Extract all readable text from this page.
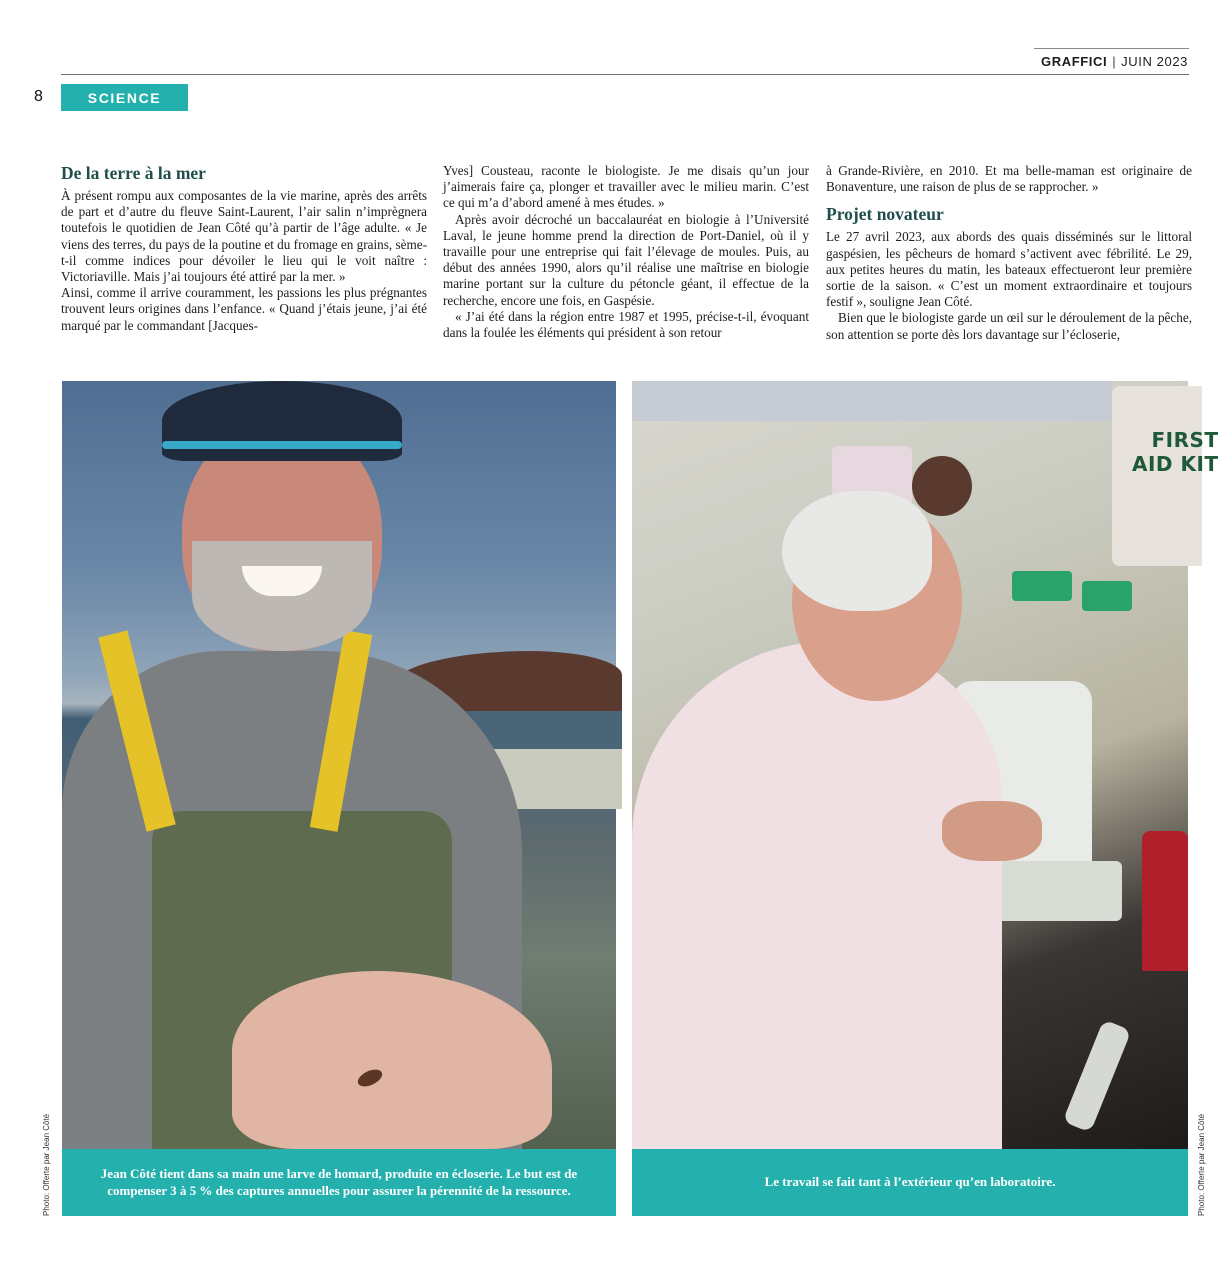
GRAFFICI | JUIN 2023
8	SCIENCE
De la terre à la mer

À présent rompu aux composantes de la vie marine, après des arrêts de part et d’autre du fleuve Saint-Laurent, l’air salin n’imprègnera toutefois le quotidien de Jean Côté qu’à partir de l’âge adulte. « Je viens des terres, du pays de la poutine et du fromage en grains, sème-t-il comme indices pour dévoiler le lieu qui le voit naître : Victoriaville. Mais j’ai toujours été attiré par la mer. »

Ainsi, comme il arrive couramment, les passions les plus prégnantes trouvent leurs origines dans l’enfance. « Quand j’étais jeune, j’ai été marqué par le commandant [Jacques-

Yves] Cousteau, raconte le biologiste. Je me disais qu’un jour j’aimerais faire ça, plonger et travailler avec le milieu marin. C’est ce qui m’a d’abord amené à mes études. »

Après avoir décroché un baccalauréat en biologie à l’Université Laval, le jeune homme prend la direction de Port-Daniel, où il y travaille pour une entreprise qui fait l’élevage de moules. Puis, au début des années 1990, alors qu’il réalise une maîtrise en biologie marine portant sur la culture du pétoncle géant, il effectue de la recherche, encore une fois, en Gaspésie.

« J’ai été dans la région entre 1987 et 1995, précise-t-il, évoquant dans la foulée les éléments qui président à son retour

à Grande-Rivière, en 2010. Et ma belle-maman est originaire de Bonaventure, une raison de plus de se rapprocher. »

Projet novateur

Le 27 avril 2023, aux abords des quais disséminés sur le littoral gaspésien, les pêcheurs de homard s’activent avec fébrilité. Le 29, aux petites heures du matin, les bateaux effectueront leur première sortie de la saison. « C’est un moment extraordinaire et toujours festif », souligne Jean Côté.

Bien que le biologiste garde un œil sur le déroulement de la pêche, son attention se porte dès lors davantage sur l’écloserie,

Jean Côté tient dans sa main une larve de homard, produite en écloserie. Le but est de compenser 3 à 5 % des captures annuelles pour assurer la pérennité de la ressource.
Photo: Offerte par Jean Côté
FIRST
AID KIT
Le travail se fait tant à l’extérieur qu’en laboratoire.	Photo: Offerte par Jean Côté
